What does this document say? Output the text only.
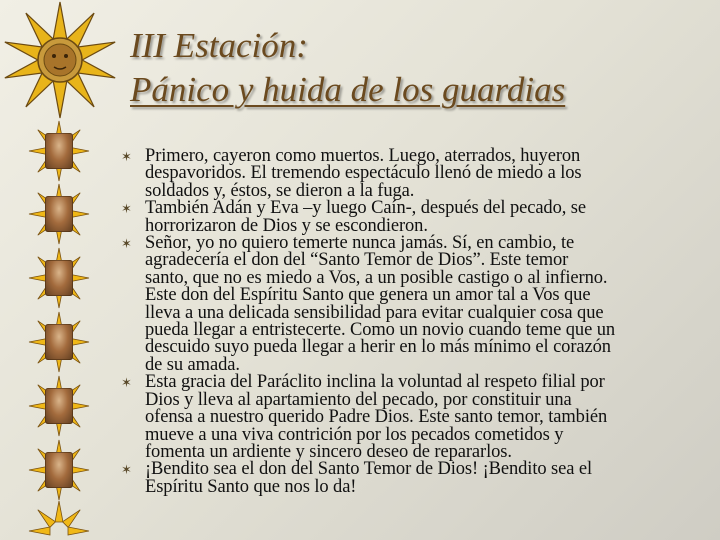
III Estación:
Pánico y huida de los guardias
✶ Primero, cayeron como muertos. Luego, aterrados, huyeron
despavoridos. El tremendo espectáculo llenó de miedo a los
soldados y, éstos, se dieron a la fuga.
✶ También Adán y Eva –y luego Caín-, después del pecado, se
horrorizaron de Dios y se escondieron.
✶ Señor, yo no quiero temerte nunca jamás. Sí, en cambio, te
agradecería el don del “Santo Temor de Dios”. Este temor
santo, que no es miedo a Vos, a un posible castigo o al infierno.
Este don del Espíritu Santo que genera un amor tal a Vos que
lleva a una delicada sensibilidad para evitar cualquier cosa que
pueda llegar a entristecerte. Como un novio cuando teme que un
descuido suyo pueda llegar a herir en lo más mínimo el corazón
de su amada.
✶ Esta gracia del Paráclito inclina la voluntad al respeto filial por
Dios y lleva al apartamiento del pecado, por constituir una
ofensa a nuestro querido Padre Dios. Este santo temor, también
mueve a una viva contrición por los pecados cometidos y
fomenta un ardiente y sincero deseo de repararlos.
✶ ¡Bendito sea el don del Santo Temor de Dios! ¡Bendito sea el
Espíritu Santo que nos lo da!
